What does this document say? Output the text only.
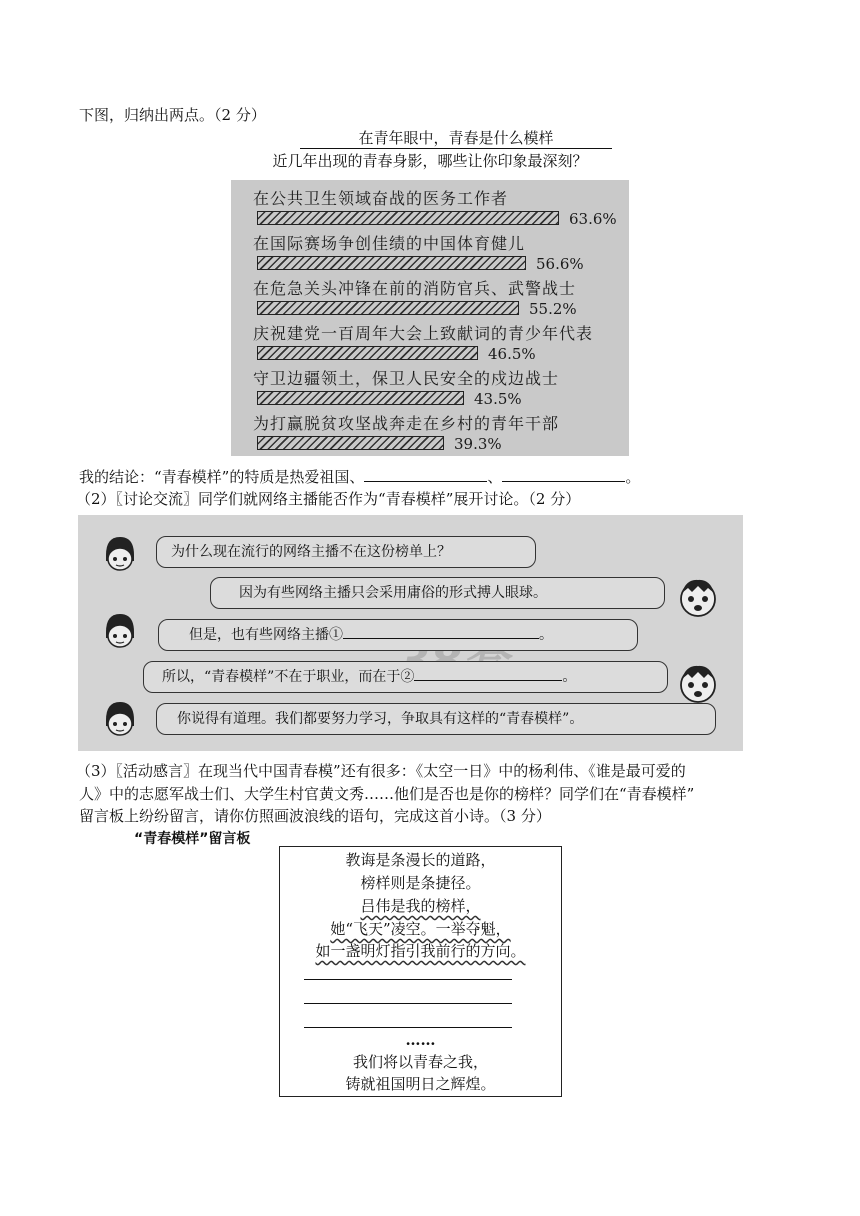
下图，归纳出两点。（2 分）
在青年眼中，青春是什么模样
近几年出现的青春身影，哪些让你印象最深刻？
在公共卫生领域奋战的医务工作者
63.6%
在国际赛场争创佳绩的中国体育健儿
56.6%
在危急关头冲锋在前的消防官兵、武警战士
55.2%
庆祝建党一百周年大会上致献词的青少年代表
46.5%
守卫边疆领土，保卫人民安全的戍边战士
43.5%
为打赢脱贫攻坚战奔走在乡村的青年干部
39.3%
我的结论：“青春模样”的特质是热爱祖国、	、	。
（2）〖讨论交流〗同学们就网络主播能否作为“青春模样”展开讨论。（2 分）
为什么现在流行的网络主播不在这份榜单上？
因为有些网络主播只会采用庸俗的形式搏人眼球。
但是，也有些网络主播①	。
所以，“青春模样”不在于职业，而在于②	。
你说得有道理。我们都要努力学习，争取具有这样的“青春模样”。
（3）〖活动感言〗在现当代中国青春模”还有很多：《太空一日》中的杨利伟、《谁是最可爱的
人》中的志愿军战士们、大学生村官黄文秀……他们是否也是你的榜样？同学们在“青春模样”
留言板上纷纷留言，请你仿照画波浪线的语句，完成这首小诗。（3 分）
“青春模样”留言板
教诲是条漫长的道路，
榜样则是条捷径。
吕伟是我的榜样，
她“飞天”凌空。一举夺魁，
如一盏明灯指引我前行的方向。
……
我们将以青春之我，
铸就祖国明日之辉煌。
